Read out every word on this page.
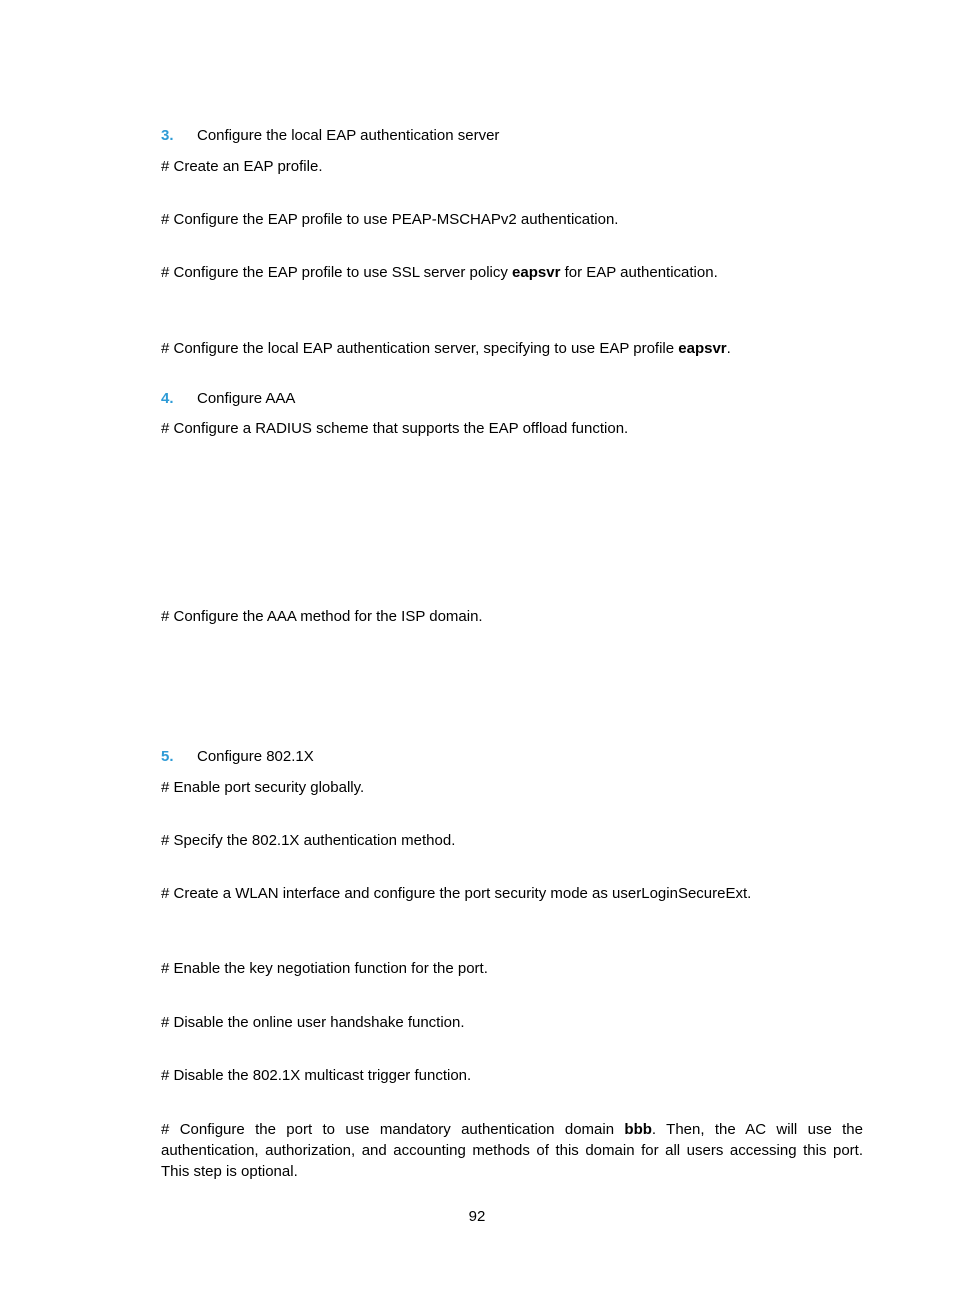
3. Configure the local EAP authentication server
# Create an EAP profile.
# Configure the EAP profile to use PEAP-MSCHAPv2 authentication.
# Configure the EAP profile to use SSL server policy eapsvr for EAP authentication.
# Configure the local EAP authentication server, specifying to use EAP profile eapsvr.
4. Configure AAA
# Configure a RADIUS scheme that supports the EAP offload function.
# Configure the AAA method for the ISP domain.
5. Configure 802.1X
# Enable port security globally.
# Specify the 802.1X authentication method.
# Create a WLAN interface and configure the port security mode as userLoginSecureExt.
# Enable the key negotiation function for the port.
# Disable the online user handshake function.
# Disable the 802.1X multicast trigger function.
# Configure the port to use mandatory authentication domain bbb. Then, the AC will use the
authentication, authorization, and accounting methods of this domain for all users accessing this port.
This step is optional.
92
